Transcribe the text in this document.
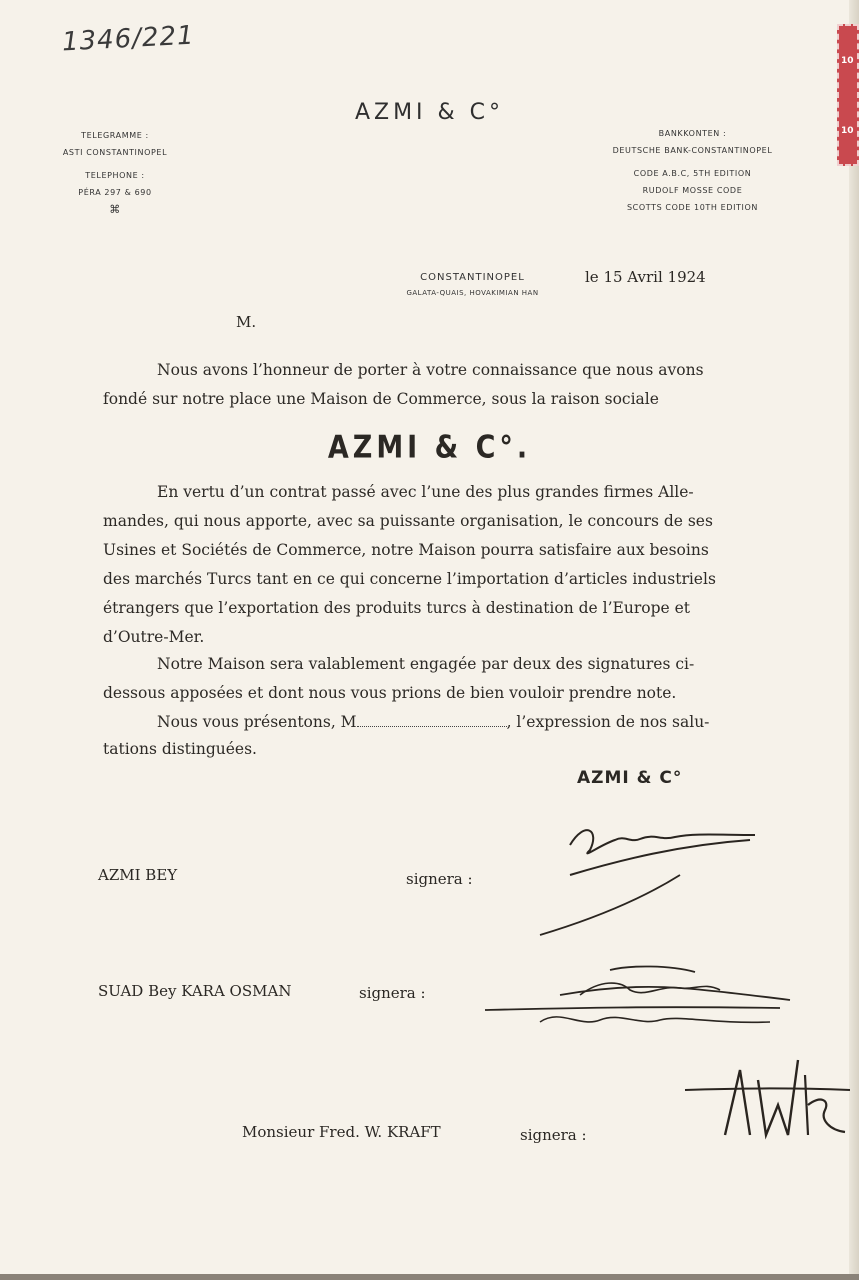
1346/221
10
10
AZMI & C°
TELEGRAMME :
ASTI CONSTANTINOPEL
TELEPHONE :
PÉRA 297 & 690
⌘
BANKKONTEN :
DEUTSCHE BANK-CONSTANTINOPEL
CODE A.B.C, 5TH EDITION
RUDOLF MOSSE CODE
SCOTTS CODE 10TH EDITION
CONSTANTINOPEL
GALATA-QUAIS, HOVAKIMIAN HAN
le 15 Avril 1924
M.
Nous avons l’honneur de porter à votre connaissance que nous avons
fondé sur notre place une Maison de Commerce, sous la raison sociale
AZMI & C°.
En vertu d’un contrat passé avec l’une des plus grandes firmes Alle-
mandes, qui nous apporte, avec sa puissante organisation, le concours de ses
Usines et Sociétés de Commerce, notre Maison pourra satisfaire aux besoins
des marchés Turcs tant en ce qui concerne l’importation d’articles industriels
étrangers que l’exportation des produits turcs à destination de l’Europe et
d’Outre-Mer.
Notre Maison sera valablement engagée par deux des signatures ci-
dessous apposées et dont nous vous prions de bien vouloir prendre note.
Nous vous présentons, M	, l’expression de nos salu-
tations distinguées.
AZMI & C°
AZMI BEY	signera :
SUAD Bey KARA OSMAN	signera :
Monsieur Fred. W. KRAFT	signera :
